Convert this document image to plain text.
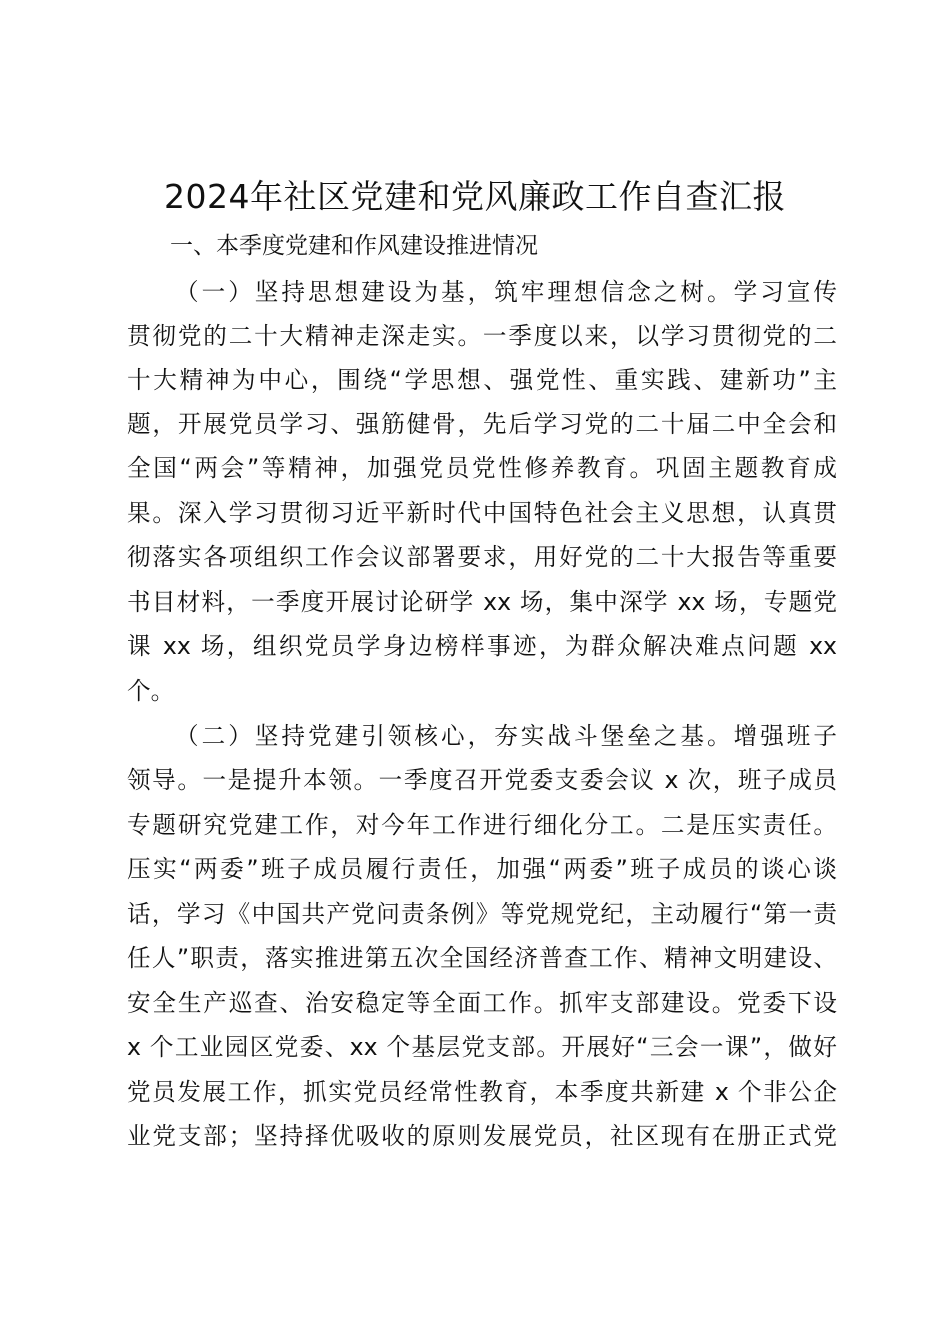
2024年社区党建和党风廉政工作自查汇报
一、本季度党建和作风建设推进情况
（一）坚持思想建设为基，筑牢理想信念之树。学习宣传
贯彻党的二十大精神走深走实。一季度以来，以学习贯彻党的二
十大精神为中心，围绕“学思想、强党性、重实践、建新功”主
题，开展党员学习、强筋健骨，先后学习党的二十届二中全会和
全国“两会”等精神，加强党员党性修养教育。巩固主题教育成
果。深入学习贯彻习近平新时代中国特色社会主义思想，认真贯
彻落实各项组织工作会议部署要求，用好党的二十大报告等重要
书目材料，一季度开展讨论研学 xx 场，集中深学 xx 场，专题党
课 xx 场，组织党员学身边榜样事迹，为群众解决难点问题 xx
个。
（二）坚持党建引领核心，夯实战斗堡垒之基。增强班子
领导。一是提升本领。一季度召开党委支委会议 x 次，班子成员
专题研究党建工作，对今年工作进行细化分工。二是压实责任。
压实“两委”班子成员履行责任，加强“两委”班子成员的谈心谈
话，学习《中国共产党问责条例》等党规党纪，主动履行“第一责
任人”职责，落实推进第五次全国经济普查工作、精神文明建设、
安全生产巡查、治安稳定等全面工作。抓牢支部建设。党委下设
x 个工业园区党委、xx 个基层党支部。开展好“三会一课”，做好
党员发展工作，抓实党员经常性教育，本季度共新建 x 个非公企
业党支部；坚持择优吸收的原则发展党员，社区现有在册正式党
